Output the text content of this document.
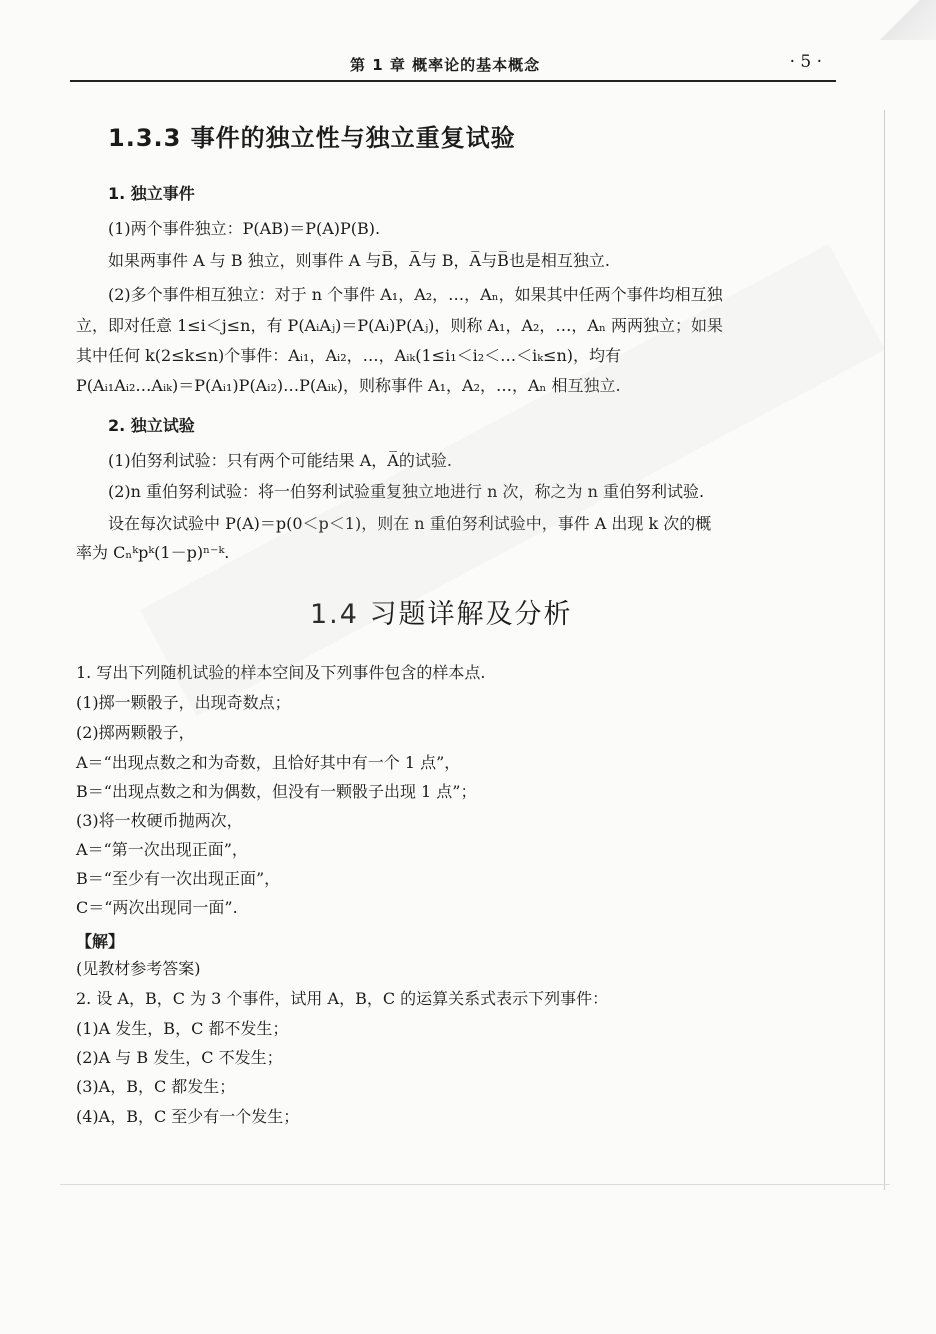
第 1 章 概率论的基本概念	· 5 ·
1.3.3 事件的独立性与独立重复试验
1. 独立事件
(1)两个事件独立：P(AB)＝P(A)P(B).
如果两事件 A 与 B 独立，则事件 A 与B̅，A̅与 B，A̅与B̅也是相互独立.
(2)多个事件相互独立：对于 n 个事件 A₁，A₂，…，Aₙ，如果其中任两个事件均相互独
立，即对任意 1≤i＜j≤n，有 P(AᵢAⱼ)＝P(Aᵢ)P(Aⱼ)，则称 A₁，A₂，…，Aₙ 两两独立；如果
其中任何 k(2≤k≤n)个事件：Aᵢ₁，Aᵢ₂，…，Aᵢₖ(1≤i₁＜i₂＜…＜iₖ≤n)，均有
P(Aᵢ₁Aᵢ₂…Aᵢₖ)＝P(Aᵢ₁)P(Aᵢ₂)…P(Aᵢₖ)，则称事件 A₁，A₂，…，Aₙ 相互独立.
2. 独立试验
(1)伯努利试验：只有两个可能结果 A，A̅的试验.
(2)n 重伯努利试验：将一伯努利试验重复独立地进行 n 次，称之为 n 重伯努利试验.
设在每次试验中 P(A)＝p(0＜p＜1)，则在 n 重伯努利试验中，事件 A 出现 k 次的概
率为 Cₙᵏpᵏ(1－p)ⁿ⁻ᵏ.
1.4 习题详解及分析
1. 写出下列随机试验的样本空间及下列事件包含的样本点.
(1)掷一颗骰子，出现奇数点；
(2)掷两颗骰子，
A＝“出现点数之和为奇数，且恰好其中有一个 1 点”，
B＝“出现点数之和为偶数，但没有一颗骰子出现 1 点”；
(3)将一枚硬币抛两次，
A＝“第一次出现正面”，
B＝“至少有一次出现正面”，
C＝“两次出现同一面”.
【解】
(见教材参考答案)
2. 设 A，B，C 为 3 个事件，试用 A，B，C 的运算关系式表示下列事件：
(1)A 发生，B，C 都不发生；
(2)A 与 B 发生，C 不发生；
(3)A，B，C 都发生；
(4)A，B，C 至少有一个发生；
